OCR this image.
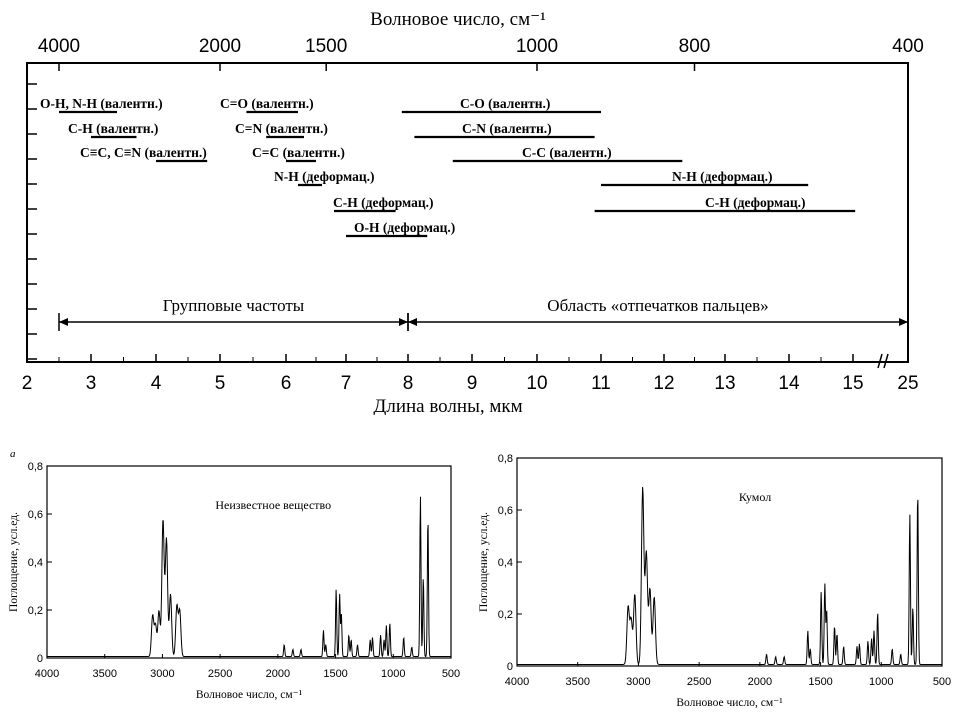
Волновое число, см⁻¹
4000	2000	1500	1000	800	400
2	3	4	5	6	7	8	9	10 11 12 13 14 15 25
O-H, N-H (валентн.)
C-H (валентн.)
C≡C, C≡N (валентн.)
C=O (валентн.)
C=N (валентн.)
C=C (валентн.)
N-H (деформац.)
C-H (деформац.)
O-H (деформац.)
C-O (валентн.)
C-N (валентн.)
C-C (валентн.)
N-H (деформац.)
C-H (деформац.)
Групповые частоты	Область «отпечатков пальцев»
Длина волны, мкм
0
0,2
0,4
0,6
0,8
4000	3500	3000	2500	2000	1500	1000	500
Неизвестное вещество
Волновое число, см⁻¹
Поглощение, усл.ед.
а
0
0,2
0,4
0,6
0,8
4000	3500	3000	2500	2000	1500	1000	500
Кумол
Волновое число, см⁻¹
Поглощение, усл.ед.
